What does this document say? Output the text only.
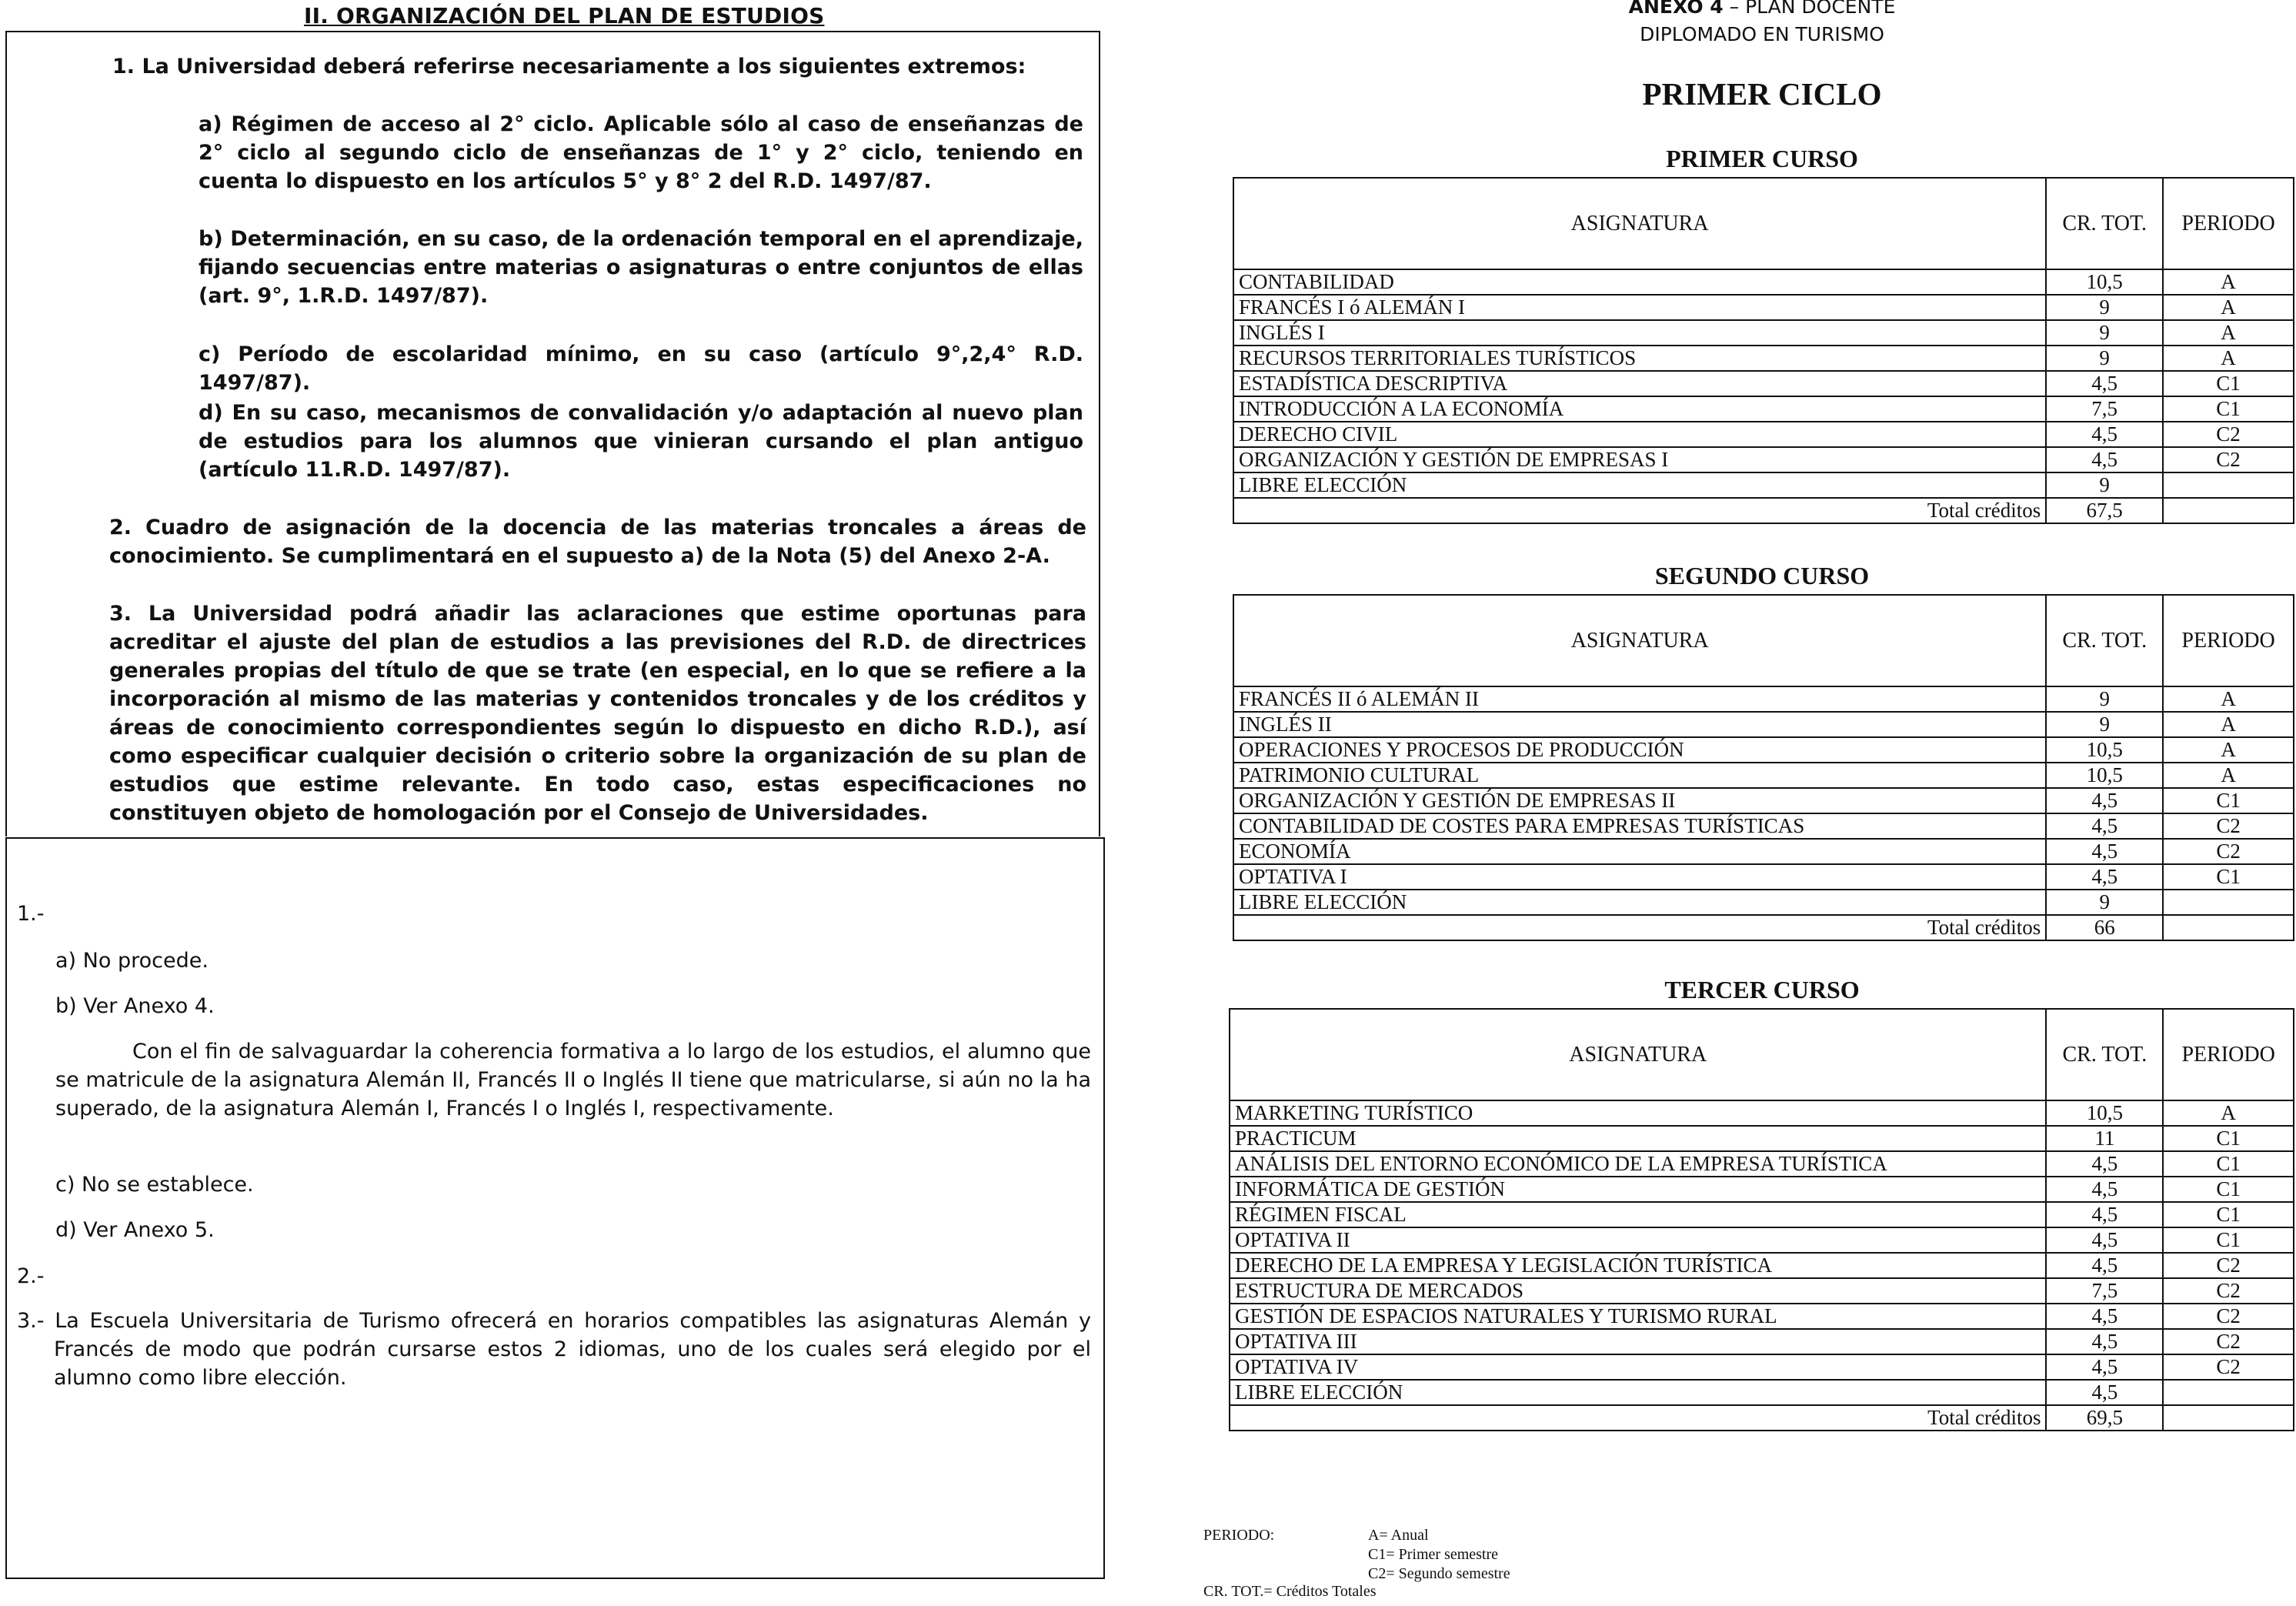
II. ORGANIZACIÓN DEL PLAN DE ESTUDIOS
1. La Universidad deberá referirse necesariamente a los siguientes extremos:
a) Régimen de acceso al 2° ciclo. Aplicable sólo al caso de enseñanzas de 2° ciclo al segundo ciclo de enseñanzas de 1° y 2° ciclo, teniendo en cuenta lo dispuesto en los artículos 5° y 8° 2 del R.D. 1497/87.
b) Determinación, en su caso, de la ordenación temporal en el aprendizaje, fijando secuencias entre materias o asignaturas o entre conjuntos de ellas (art. 9°, 1.R.D. 1497/87).
c) Período de escolaridad mínimo, en su caso (artículo 9°,2,4° R.D. 1497/87).
d) En su caso, mecanismos de convalidación y/o adaptación al nuevo plan de estudios para los alumnos que vinieran cursando el plan antiguo (artículo 11.R.D. 1497/87).
2. Cuadro de asignación de la docencia de las materias troncales a áreas de conocimiento. Se cumplimentará en el supuesto a) de la Nota (5) del Anexo 2-A.
3. La Universidad podrá añadir las aclaraciones que estime oportunas para acreditar el ajuste del plan de estudios a las previsiones del R.D. de directrices generales propias del título de que se trate (en especial, en lo que se refiere a la incorporación al mismo de las materias y contenidos troncales y de los créditos y áreas de conocimiento correspondientes según lo dispuesto en dicho R.D.), así como especificar cualquier decisión o criterio sobre la organización de su plan de estudios que estime relevante. En todo caso, estas especificaciones no constituyen objeto de homologación por el Consejo de Universidades.
1.-
a) No procede.
b) Ver Anexo 4.
Con el fin de salvaguardar la coherencia formativa a lo largo de los estudios, el alumno que se matricule de la asignatura Alemán II, Francés II o Inglés II tiene que matricularse, si aún no la ha superado, de la asignatura Alemán I, Francés I o Inglés I, respectivamente.
c) No se establece.
d) Ver Anexo 5.
2.-
3.- La Escuela Universitaria de Turismo ofrecerá en horarios compatibles las asignaturas Alemán y Francés de modo que podrán cursarse estos 2 idiomas, uno de los cuales será elegido por el alumno como libre elección.
ANEXO 4 – PLAN DOCENTE
DIPLOMADO EN TURISMO
PRIMER CICLO
PRIMER CURSO
ASIGNATURA	CR. TOT.	PERIODO
CONTABILIDAD	10,5	A
FRANCÉS I ó ALEMÁN I	9	A
INGLÉS I	9	A
RECURSOS TERRITORIALES TURÍSTICOS	9	A
ESTADÍSTICA DESCRIPTIVA	4,5	C1
INTRODUCCIÓN A LA ECONOMÍA	7,5	C1
DERECHO CIVIL	4,5	C2
ORGANIZACIÓN Y GESTIÓN DE EMPRESAS I	4,5	C2
LIBRE ELECCIÓN	9	
Total créditos	67,5	
SEGUNDO CURSO
ASIGNATURA	CR. TOT.	PERIODO
FRANCÉS II ó ALEMÁN II	9	A
INGLÉS II	9	A
OPERACIONES Y PROCESOS DE PRODUCCIÓN	10,5	A
PATRIMONIO CULTURAL	10,5	A
ORGANIZACIÓN Y GESTIÓN DE EMPRESAS II	4,5	C1
CONTABILIDAD DE COSTES PARA EMPRESAS TURÍSTICAS	4,5	C2
ECONOMÍA	4,5	C2
OPTATIVA I	4,5	C1
LIBRE ELECCIÓN	9	
Total créditos	66	
TERCER CURSO
ASIGNATURA	CR. TOT.	PERIODO
MARKETING TURÍSTICO	10,5	A
PRACTICUM	11	C1
ANÁLISIS DEL ENTORNO ECONÓMICO DE LA EMPRESA TURÍSTICA	4,5	C1
INFORMÁTICA DE GESTIÓN	4,5	C1
RÉGIMEN FISCAL	4,5	C1
OPTATIVA II	4,5	C1
DERECHO DE LA EMPRESA Y LEGISLACIÓN TURÍSTICA	4,5	C2
ESTRUCTURA DE MERCADOS	7,5	C2
GESTIÓN DE ESPACIOS NATURALES Y TURISMO RURAL	4,5	C2
OPTATIVA III	4,5	C2
OPTATIVA IV	4,5	C2
LIBRE ELECCIÓN	4,5	
Total créditos	69,5	
PERIODO:	A= Anual
C1= Primer semestre
C2= Segundo semestre
CR. TOT.= Créditos Totales
